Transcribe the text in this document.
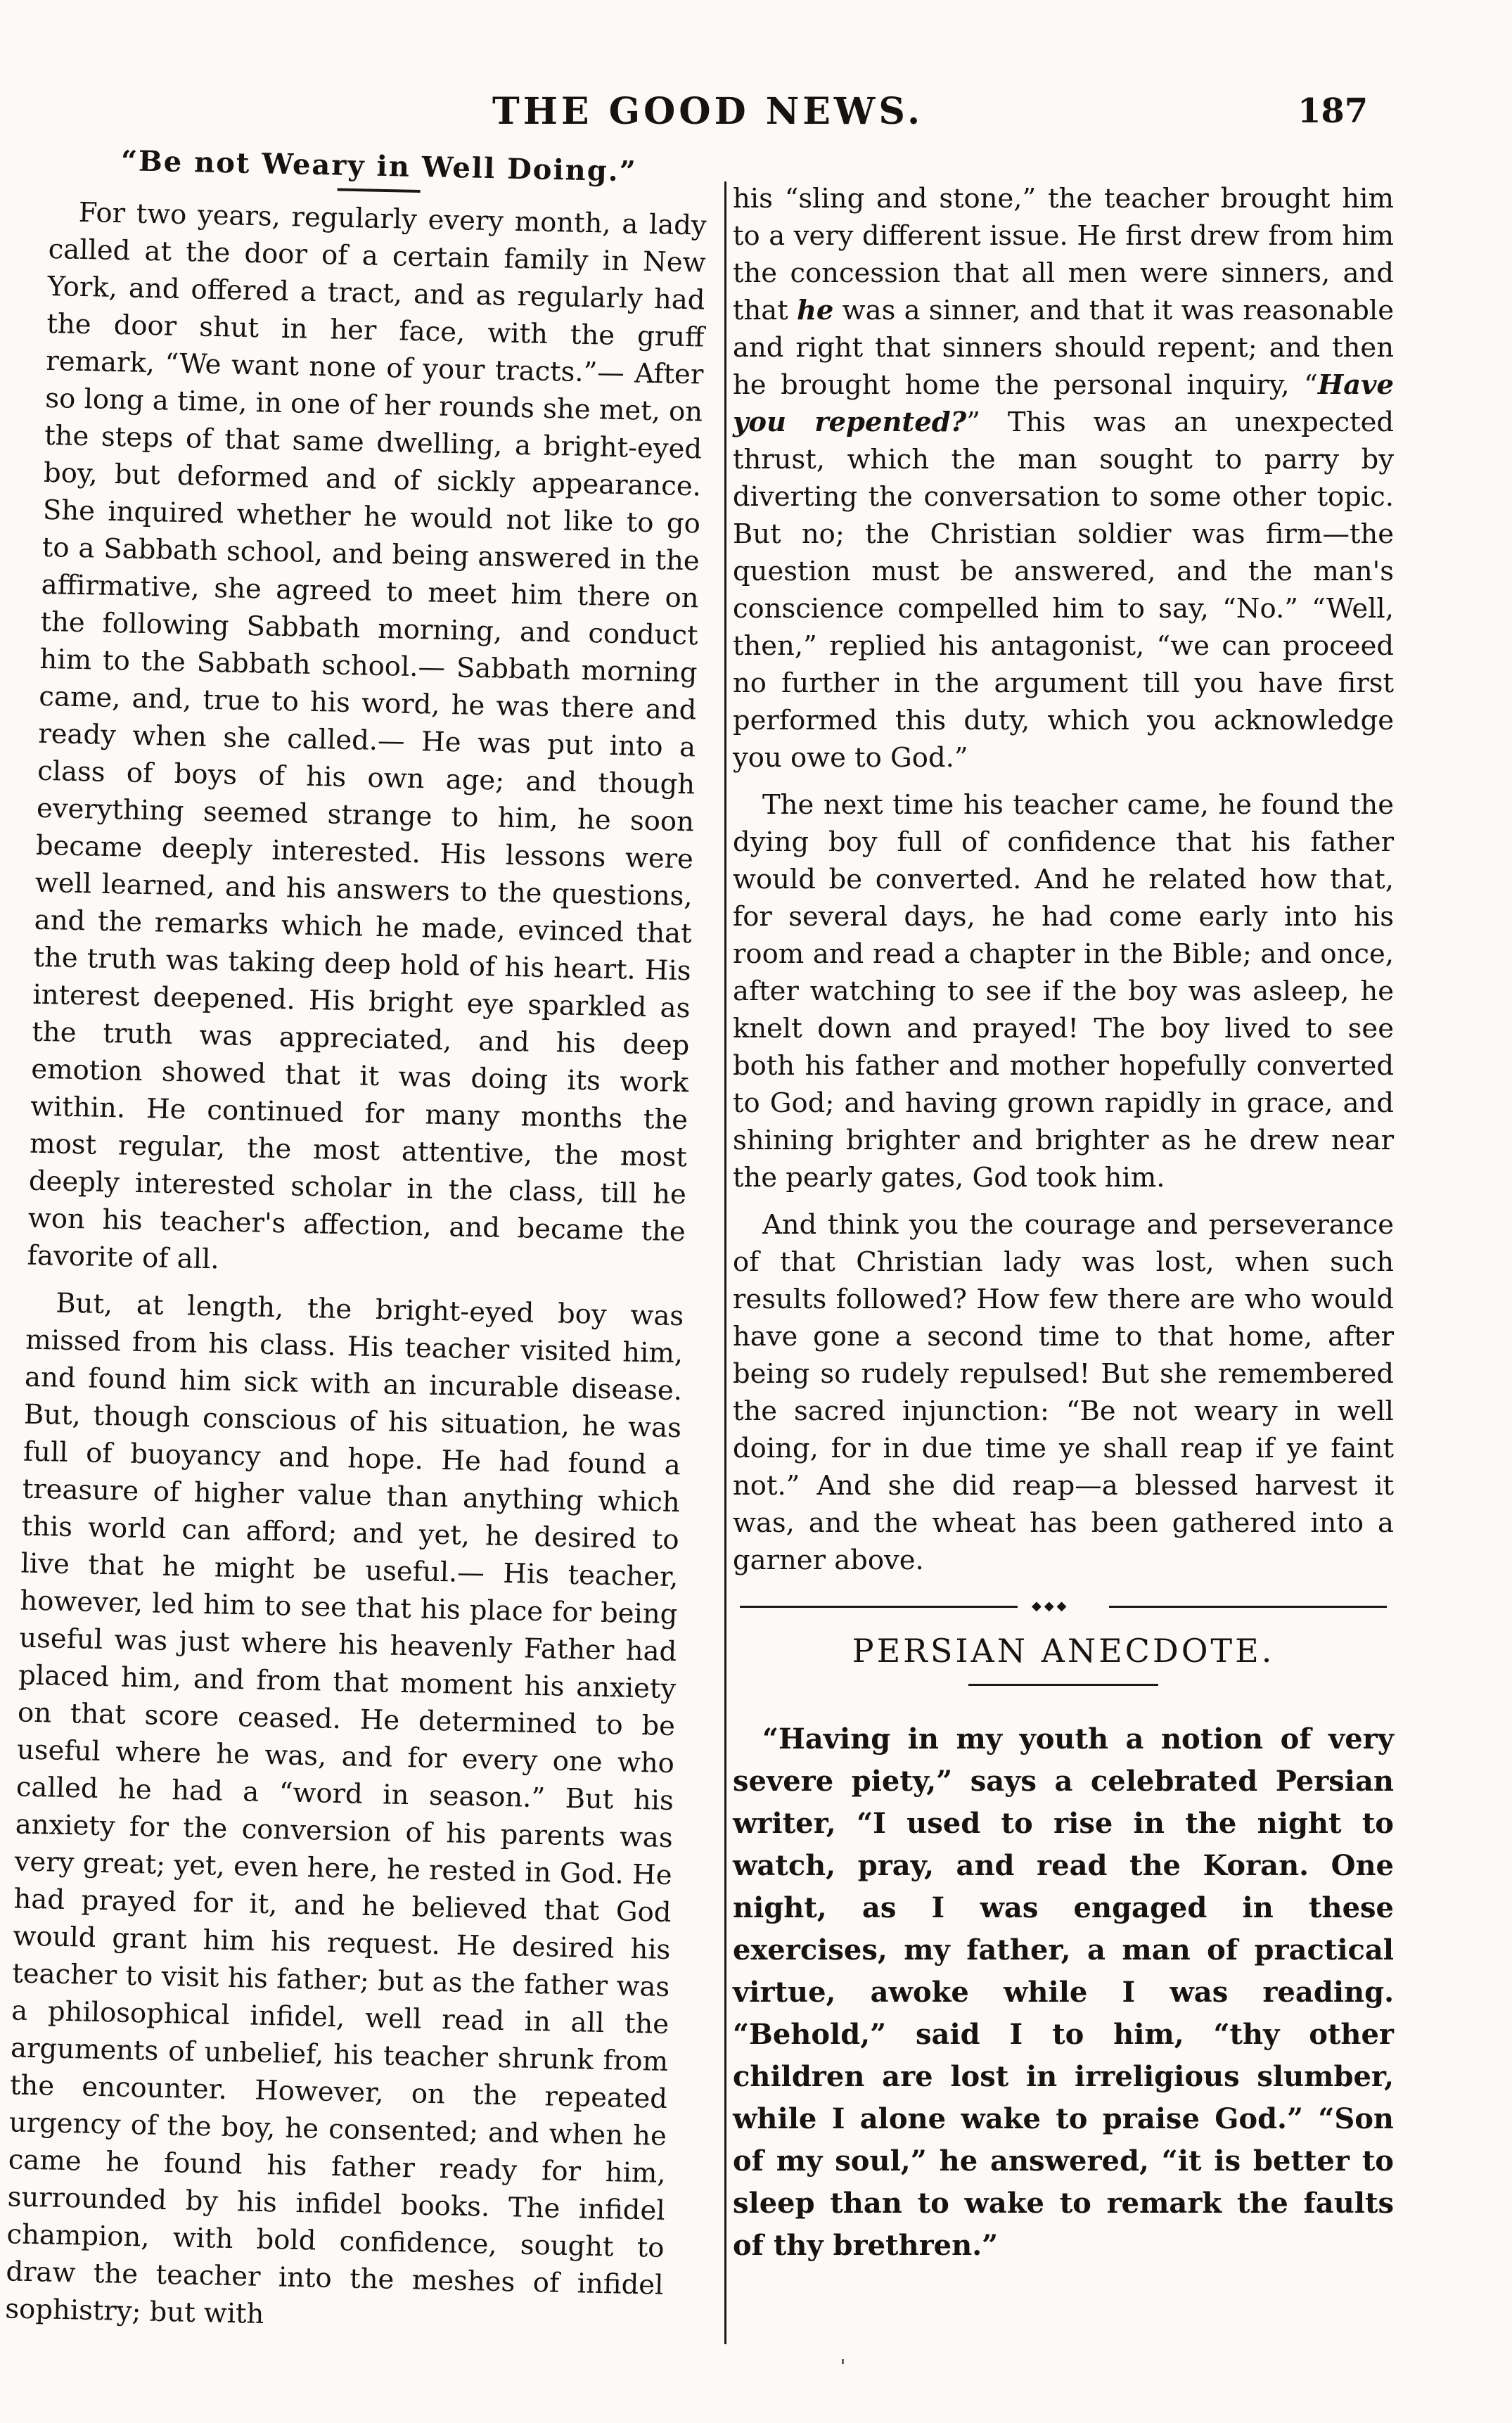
THE GOOD NEWS.	187
“Be not Weary in Well Doing.”

For two years, regularly every month, a lady called at the door of a certain family in New York, and offered a tract, and as regularly had the door shut in her face, with the gruff remark, “We want none of your tracts.”— After so long a time, in one of her rounds she met, on the steps of that same dwelling, a bright-eyed boy, but deformed and of sickly appearance. She inquired whether he would not like to go to a Sabbath school, and being answered in the affirmative, she agreed to meet him there on the following Sabbath morning, and conduct him to the Sabbath school.— Sabbath morning came, and, true to his word, he was there and ready when she called.— He was put into a class of boys of his own age; and though everything seemed strange to him, he soon became deeply interested. His lessons were well learned, and his answers to the questions, and the remarks which he made, evinced that the truth was taking deep hold of his heart. His interest deepened. His bright eye sparkled as the truth was appreciated, and his deep emotion showed that it was doing its work within. He continued for many months the most regular, the most attentive, the most deeply interested scholar in the class, till he won his teacher's affection, and became the favorite of all.

But, at length, the bright-eyed boy was missed from his class. His teacher visited him, and found him sick with an incurable disease. But, though conscious of his situation, he was full of buoyancy and hope. He had found a treasure of higher value than anything which this world can afford; and yet, he desired to live that he might be useful.— His teacher, however, led him to see that his place for being useful was just where his heavenly Father had placed him, and from that moment his anxiety on that score ceased. He determined to be useful where he was, and for every one who called he had a “word in season.” But his anxiety for the conversion of his parents was very great; yet, even here, he rested in God. He had prayed for it, and he believed that God would grant him his request. He desired his teacher to visit his father; but as the father was a philosophical infidel, well read in all the arguments of unbelief, his teacher shrunk from the encounter. However, on the repeated urgency of the boy, he consented; and when he came he found his father ready for him, surrounded by his infidel books. The infidel champion, with bold confidence, sought to draw the teacher into the meshes of infidel sophistry; but with

his “sling and stone,” the teacher brought him to a very different issue. He first drew from him the concession that all men were sinners, and that he was a sinner, and that it was reasonable and right that sinners should repent; and then he brought home the personal inquiry, “Have you repented?” This was an unexpected thrust, which the man sought to parry by diverting the conversation to some other topic. But no; the Christian soldier was firm—the question must be answered, and the man's conscience compelled him to say, “No.” “Well, then,” replied his antagonist, “we can proceed no further in the argument till you have first performed this duty, which you acknowledge you owe to God.”

The next time his teacher came, he found the dying boy full of confidence that his father would be converted. And he related how that, for several days, he had come early into his room and read a chapter in the Bible; and once, after watching to see if the boy was asleep, he knelt down and prayed! The boy lived to see both his father and mother hopefully converted to God; and having grown rapidly in grace, and shining brighter and brighter as he drew near the pearly gates, God took him.

And think you the courage and perseverance of that Christian lady was lost, when such results followed? How few there are who would have gone a second time to that home, after being so rudely repulsed! But she remembered the sacred injunction: “Be not weary in well doing, for in due time ye shall reap if ye faint not.” And she did reap—a blessed harvest it was, and the wheat has been gathered into a garner above.

◆◆◆
PERSIAN ANECDOTE.

“Having in my youth a notion of very severe piety,” says a celebrated Persian writer, “I used to rise in the night to watch, pray, and read the Koran. One night, as I was engaged in these exercises, my father, a man of practical virtue, awoke while I was reading. “Behold,” said I to him, “thy other children are lost in irreligious slumber, while I alone wake to praise God.” “Son of my soul,” he answered, “it is better to sleep than to wake to remark the faults of thy brethren.”

'
